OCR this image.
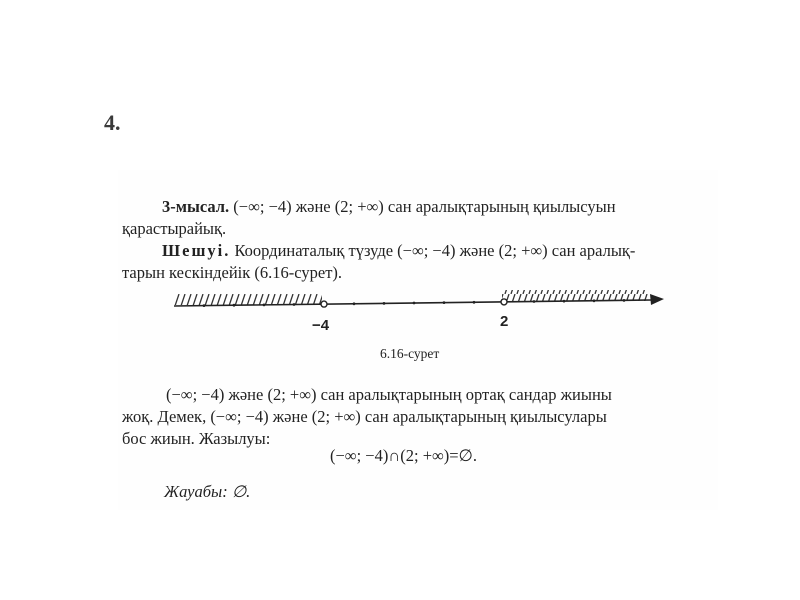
4.
3-мысал. (−∞; −4) және (2; +∞) сан аралықтарының қиылысуын
қарастырайық.
Шешуі. Координаталық түзуде (−∞; −4) және (2; +∞) сан аралық-
тарын кескіндейік (6.16-сурет).
−4	2
6.16-сурет
(−∞; −4) және (2; +∞) сан аралықтарының ортақ сандар жиыны
жоқ. Демек, (−∞; −4) және (2; +∞) сан аралықтарының қиылысулары
бос жиын. Жазылуы:
(−∞; −4)∩(2; +∞)=∅.
Жауабы: ∅.
